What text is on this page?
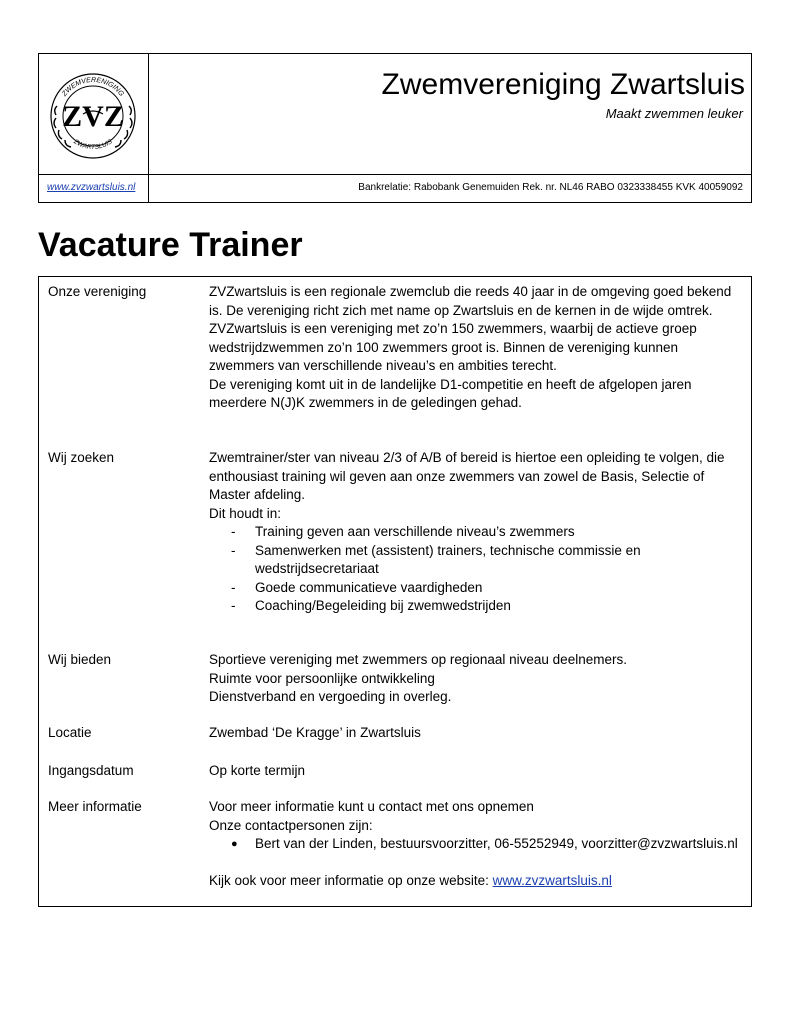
ZWEMVERENIGING
ZWARTSLUIS
ZVZ
Zwemvereniging Zwartsluis
Maakt zwemmen leuker
www.zvzwartsluis.nl	Bankrelatie: Rabobank Genemuiden Rek. nr. NL46 RABO 0323338455 KVK 40059092
Vacature Trainer
Onze vereniging	ZVZwartsluis is een regionale zwemclub die reeds 40 jaar in de omgeving goed bekend is. De vereniging richt zich met name op Zwartsluis en de kernen in de wijde omtrek.

ZVZwartsluis is een vereniging met zo’n 150 zwemmers, waarbij de actieve groep wedstrijdzwemmen zo’n 100 zwemmers groot is. Binnen de vereniging kunnen zwemmers van verschillende niveau’s en ambities terecht.

De vereniging komt uit in de landelijke D1-competitie en heeft de afgelopen jaren meerdere N(J)K zwemmers in de geledingen gehad.

Wij zoeken	Zwemtrainer/ster van niveau 2/3 of A/B of bereid is hiertoe een opleiding te volgen, die enthousiast training wil geven aan onze zwemmers van zowel de Basis, Selectie of Master afdeling.

Dit houdt in:

- Training geven aan verschillende niveau’s zwemmers
- Samenwerken met (assistent) trainers, technische commissie en wedstrijdsecretariaat
- Goede communicatieve vaardigheden
- Coaching/Begeleiding bij zwemwedstrijden
Wij bieden	Sportieve vereniging met zwemmers op regionaal niveau deelnemers.

Ruimte voor persoonlijke ontwikkeling

Dienstverband en vergoeding in overleg.

Locatie	Zwembad ‘De Kragge’ in Zwartsluis
Ingangsdatum	Op korte termijn
Meer informatie	Voor meer informatie kunt u contact met ons opnemen

Onze contactpersonen zijn:

● Bert van der Linden, bestuursvoorzitter, 06-55252949, voorzitter@zvzwartsluis.nl

Kijk ook voor meer informatie op onze website: www.zvzwartsluis.nl
